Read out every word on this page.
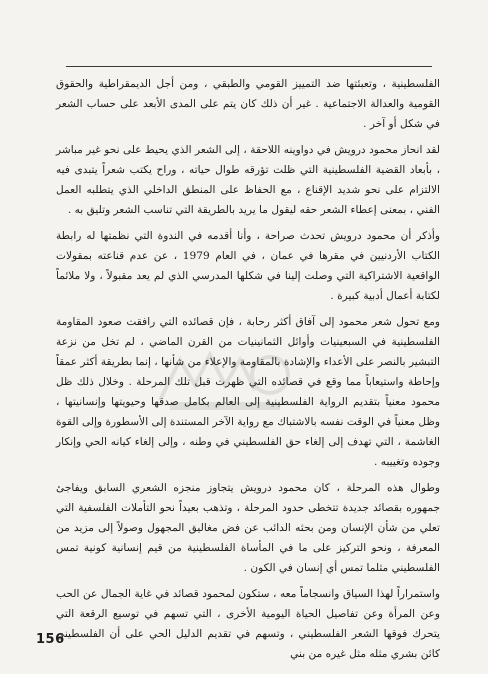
الفلسطينية ، وتعبئتها ضد التمييز القومي والطبقي ، ومن أجل الديمقراطية والحقوق القومية والعدالة الاجتماعية . غير أن ذلك كان يتم على المدى الأبعد على حساب الشعر في شكل أو آخر .

لقد انحاز محمود درويش في دواوينه اللاحقة ، إلى الشعر الذي يحيط على نحو غير مباشر ، بأبعاد القضية الفلسطينية التي ظلت تؤرقه طوال حياته ، وراح يكتب شعراً يتبدى فيه الالتزام على نحو شديد الإقناع ، مع الحفاظ على المنطق الداخلي الذي يتطلبه العمل الفني ، بمعنى إعطاء الشعر حقه ليقول ما يريد بالطريقة التي تناسب الشعر وتليق به .

وأذكر أن محمود درويش تحدث صراحة ، وأنا أقدمه في الندوة التي نظمتها له رابطة الكتاب الأردنيين في مقرها في عمان ، في العام 1979 ، عن عدم قناعته بمقولات الواقعية الاشتراكية التي وصلت إلينا في شكلها المدرسي الذي لم يعد مقبولاً ، ولا ملائماً لكتابة أعمال أدبية كبيرة .

ومع تحول شعر محمود إلى آفاق أكثر رحابة ، فإن قصائده التي رافقت صعود المقاومة الفلسطينية في السبعينيات وأوائل الثمانينيات من القرن الماضي ، لم تخل من نزعة التبشير بالنصر على الأعداء والإشادة بالمقاومة والإعلاء من شأنها ، إنما بطريقة أكثر عمقاً وإحاطة واستيعاباً مما وقع في قصائده التي ظهرت قبل تلك المرحلة . وخلال ذلك ظل محمود معنياً بتقديم الرواية الفلسطينية إلى العالم بكامل صدقها وحيويتها وإنسانيتها ، وظل معنياً في الوقت نفسه بالاشتباك مع رواية الآخر المستندة إلى الأسطورة وإلى القوة الغاشمة ، التي تهدف إلى إلغاء حق الفلسطيني في وطنه ، وإلى إلغاء كيانه الحي وإنكار وجوده وتغييبه .

وطوال هذه المرحلة ، كان محمود درويش يتجاوز منجزه الشعري السابق ويفاجئ جمهوره بقصائد جديدة تتخطى حدود المرحلة ، وتذهب بعيداً نحو التأملات الفلسفية التي تعلي من شأن الإنسان ومن بحثه الدائب عن فض مغاليق المجهول وصولاً إلى مزيد من المعرفة ، ونحو التركيز على ما في المأساة الفلسطينية من قيم إنسانية كونية تمس الفلسطيني مثلما تمس أي إنسان في الكون .

واستمراراً لهذا السياق وانسجاماً معه ، ستكون لمحمود قصائد في غاية الجمال عن الحب وعن المرأة وعن تفاصيل الحياة اليومية الأخرى ، التي تسهم في توسيع الرقعة التي يتحرك فوقها الشعر الفلسطيني ، وتسهم في تقديم الدليل الحي على أن الفلسطيني كائن بشري مثله مثل غيره من بني

156
